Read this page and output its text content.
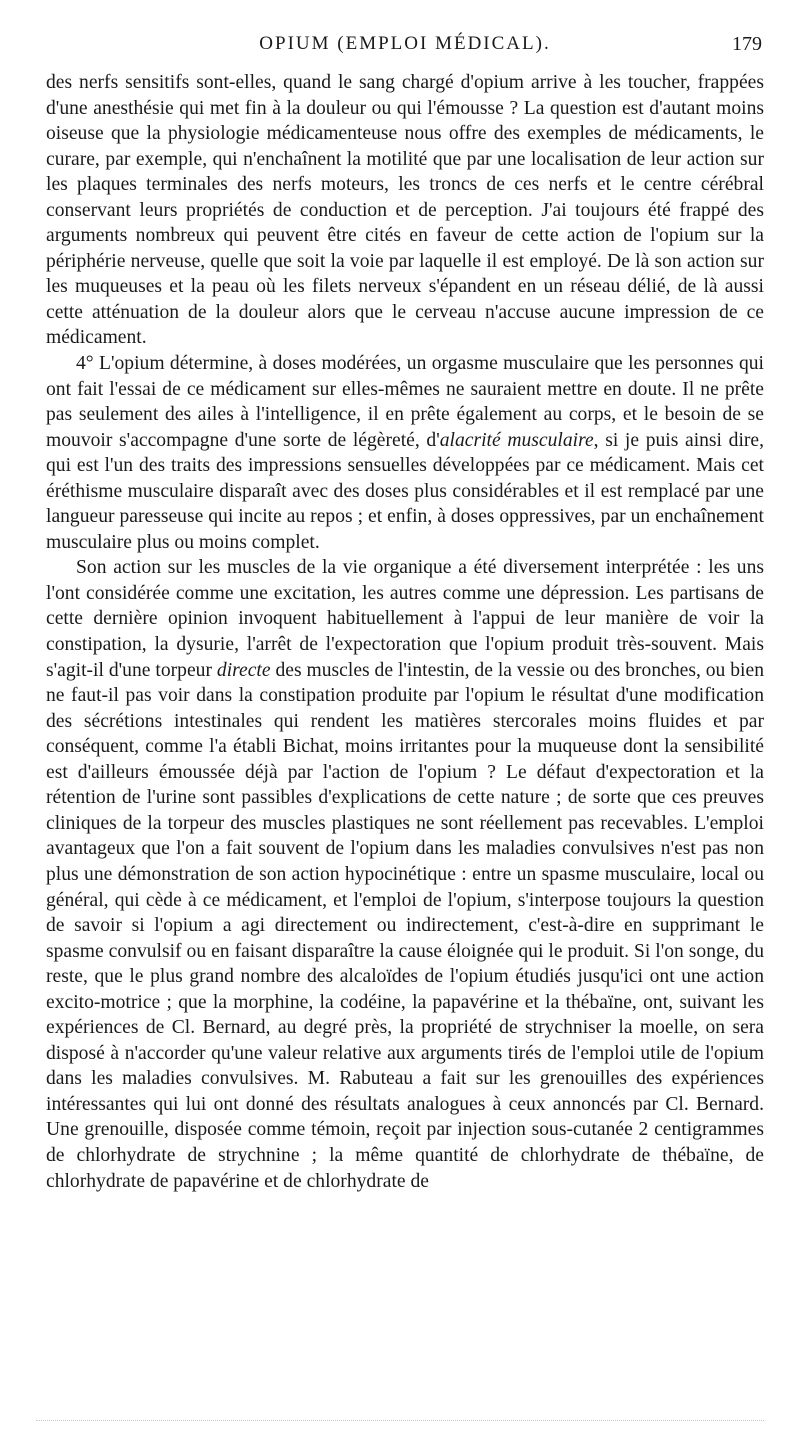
OPIUM (EMPLOI MÉDICAL).	179

des nerfs sensitifs sont-elles, quand le sang chargé d'opium arrive à les toucher, frappées d'une anesthésie qui met fin à la douleur ou qui l'émousse ? La question est d'autant moins oiseuse que la physiologie médicamenteuse nous offre des exemples de médicaments, le curare, par exemple, qui n'enchaînent la motilité que par une localisation de leur action sur les plaques terminales des nerfs moteurs, les troncs de ces nerfs et le centre cérébral conservant leurs propriétés de conduction et de perception. J'ai toujours été frappé des arguments nombreux qui peuvent être cités en faveur de cette action de l'opium sur la périphérie nerveuse, quelle que soit la voie par laquelle il est employé. De là son action sur les muqueuses et la peau où les filets nerveux s'épandent en un réseau délié, de là aussi cette atténuation de la douleur alors que le cerveau n'accuse aucune impression de ce médicament.

4° L'opium détermine, à doses modérées, un orgasme musculaire que les personnes qui ont fait l'essai de ce médicament sur elles-mêmes ne sauraient mettre en doute. Il ne prête pas seulement des ailes à l'intelligence, il en prête également au corps, et le besoin de se mouvoir s'accompagne d'une sorte de légèreté, d'alacrité musculaire, si je puis ainsi dire, qui est l'un des traits des impressions sensuelles développées par ce médicament. Mais cet éréthisme musculaire disparaît avec des doses plus considérables et il est remplacé par une langueur paresseuse qui incite au repos ; et enfin, à doses oppressives, par un enchaînement musculaire plus ou moins complet.

Son action sur les muscles de la vie organique a été diversement interprétée : les uns l'ont considérée comme une excitation, les autres comme une dépression. Les partisans de cette dernière opinion invoquent habituellement à l'appui de leur manière de voir la constipation, la dysurie, l'arrêt de l'expectoration que l'opium produit très-souvent. Mais s'agit-il d'une torpeur directe des muscles de l'intestin, de la vessie ou des bronches, ou bien ne faut-il pas voir dans la constipation produite par l'opium le résultat d'une modification des sécrétions intestinales qui rendent les matières stercorales moins fluides et par conséquent, comme l'a établi Bichat, moins irritantes pour la muqueuse dont la sensibilité est d'ailleurs émoussée déjà par l'action de l'opium ? Le défaut d'expectoration et la rétention de l'urine sont passibles d'explications de cette nature ; de sorte que ces preuves cliniques de la torpeur des muscles plastiques ne sont réellement pas recevables. L'emploi avantageux que l'on a fait souvent de l'opium dans les maladies convulsives n'est pas non plus une démonstration de son action hypocinétique : entre un spasme musculaire, local ou général, qui cède à ce médicament, et l'emploi de l'opium, s'interpose toujours la question de savoir si l'opium a agi directement ou indirectement, c'est-à-dire en supprimant le spasme convulsif ou en faisant disparaître la cause éloignée qui le produit. Si l'on songe, du reste, que le plus grand nombre des alcaloïdes de l'opium étudiés jusqu'ici ont une action excito-motrice ; que la morphine, la codéine, la papavérine et la thébaïne, ont, suivant les expériences de Cl. Bernard, au degré près, la propriété de strychniser la moelle, on sera disposé à n'accorder qu'une valeur relative aux arguments tirés de l'emploi utile de l'opium dans les maladies convulsives. M. Rabuteau a fait sur les grenouilles des expériences intéressantes qui lui ont donné des résultats analogues à ceux annoncés par Cl. Bernard. Une grenouille, disposée comme témoin, reçoit par injection sous-cutanée 2 centigrammes de chlorhydrate de strychnine ; la même quantité de chlorhydrate de thébaïne, de chlorhydrate de papavérine et de chlorhydrate de
